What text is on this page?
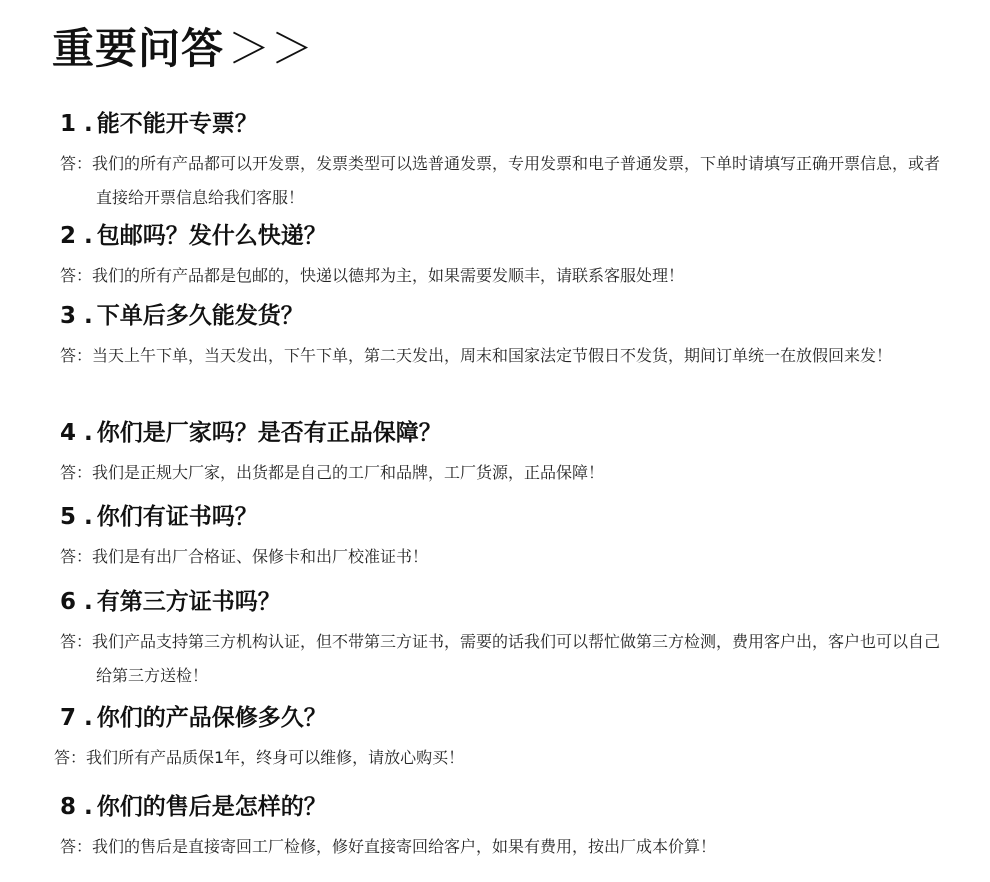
重要问答＞＞
1 . 能不能开专票？
答：我们的所有产品都可以开发票，发票类型可以选普通发票，专用发票和电子普通发票，下单时请填写正确开票信息，或者直接给开票信息给我们客服！
2 . 包邮吗？发什么快递？
答：我们的所有产品都是包邮的，快递以德邦为主，如果需要发顺丰，请联系客服处理！
3 . 下单后多久能发货？
答：当天上午下单，当天发出，下午下单，第二天发出，周末和国家法定节假日不发货，期间订单统一在放假回来发！
4 . 你们是厂家吗？是否有正品保障？
答：我们是正规大厂家，出货都是自己的工厂和品牌，工厂货源，正品保障！
5 . 你们有证书吗？
答：我们是有出厂合格证、保修卡和出厂校准证书！
6 . 有第三方证书吗？
答：我们产品支持第三方机构认证，但不带第三方证书，需要的话我们可以帮忙做第三方检测，费用客户出，客户也可以自己给第三方送检！
7 . 你们的产品保修多久？
答：我们所有产品质保1年，终身可以维修，请放心购买！
8 . 你们的售后是怎样的？
答：我们的售后是直接寄回工厂检修，修好直接寄回给客户，如果有费用，按出厂成本价算！
